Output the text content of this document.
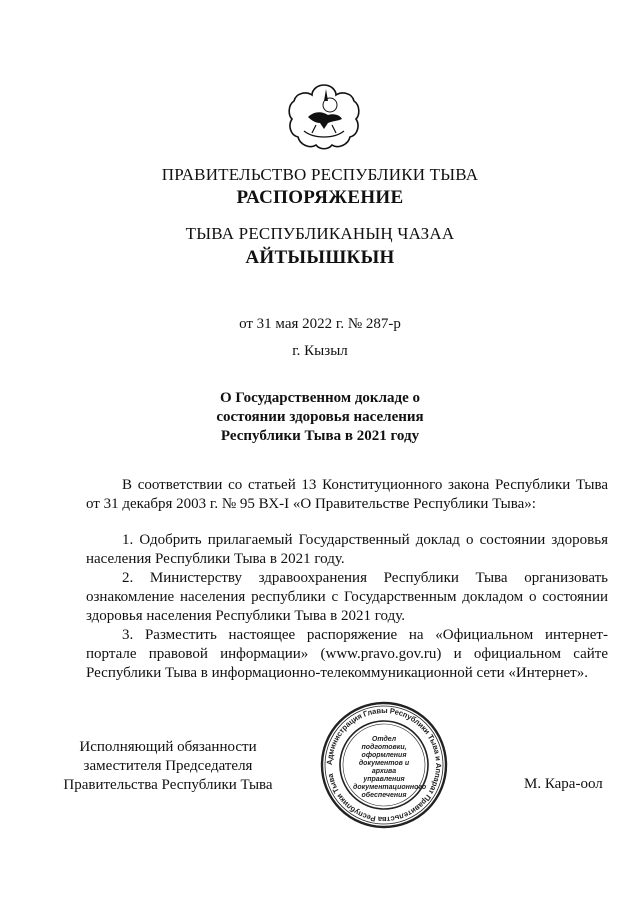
ПРАВИТЕЛЬСТВО РЕСПУБЛИКИ ТЫВА
РАСПОРЯЖЕНИЕ
ТЫВА РЕСПУБЛИКАНЫҢ ЧАЗАА
АЙТЫЫШКЫН
от 31 мая 2022 г. № 287-р
г. Кызыл
О Государственном докладе о
состоянии здоровья населения
Республики Тыва в 2021 году
В соответствии со статьей 13 Конституционного закона Республики Тыва от 31 декабря 2003 г. № 95 ВХ-I «О Правительстве Республики Тыва»:
1. Одобрить прилагаемый Государственный доклад о состоянии здоровья населения Республики Тыва в 2021 году.
2. Министерству здравоохранения Республики Тыва организовать ознакомление населения республики с Государственным докладом о состоянии здоровья населения Республики Тыва в 2021 году.
3. Разместить настоящее распоряжение на «Официальном интернет-портале правовой информации» (www.pravo.gov.ru) и официальном сайте Республики Тыва в информационно-телекоммуникационной сети «Интернет».
Исполняющий обязанности
заместителя Председателя
Правительства Республики Тыва
Администрация Главы Республики Тыва и Аппарат Правительства Республики Тыва
Отдел
подготовки,
оформления
документов и архива
управления
документационного
обеспечения
М. Кара-оол
